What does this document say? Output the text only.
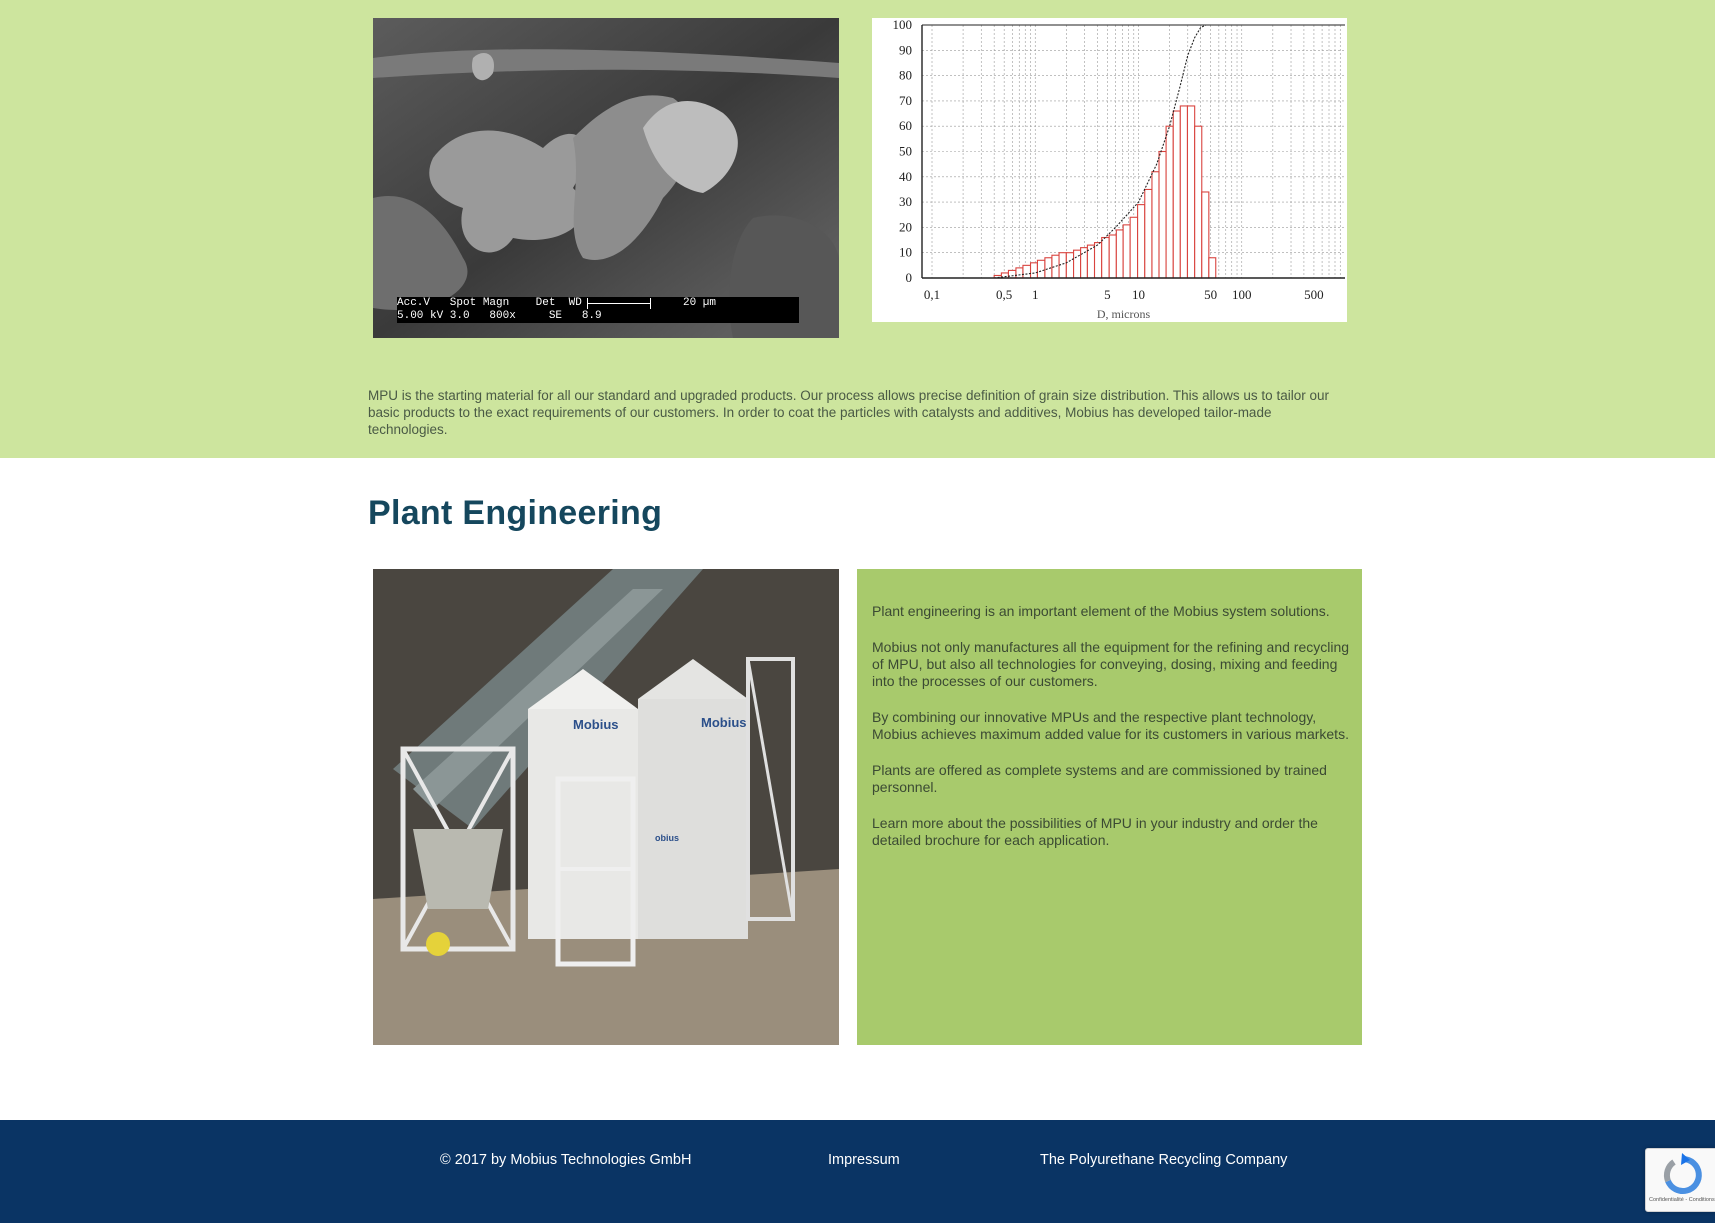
Acc.V   Spot Magn    Det  WD
5.00 kV 3.0   800x     SE   8.9
20 µm
0
10
20
30
40
50
60
70
80
90
100
0,1	0,5 1	5 10	50 100	500
D, microns

MPU is the starting material for all our standard and upgraded products. Our process allows precise definition of grain size distribution. This allows us to tailor our basic products to the exact requirements of our customers. In order to coat the particles with catalysts and additives, Mobius has developed tailor-made technologies.

Plant Engineering
Mobius	Mobius
obius

Plant engineering is an important element of the Mobius system solutions.

Mobius not only manufactures all the equipment for the refining and recycling of MPU, but also all technologies for conveying, dosing, mixing and feeding into the processes of our customers.

By combining our innovative MPUs and the respective plant technology, Mobius achieves maximum added value for its customers in various markets.

Plants are offered as complete systems and are commissioned by trained personnel.

Learn more about the possibilities of MPU in your industry and order the detailed brochure for each application.

© 2017 by Mobius Technologies GmbH	Impressum	The Polyurethane Recycling Company
Confidentialité - Conditions
